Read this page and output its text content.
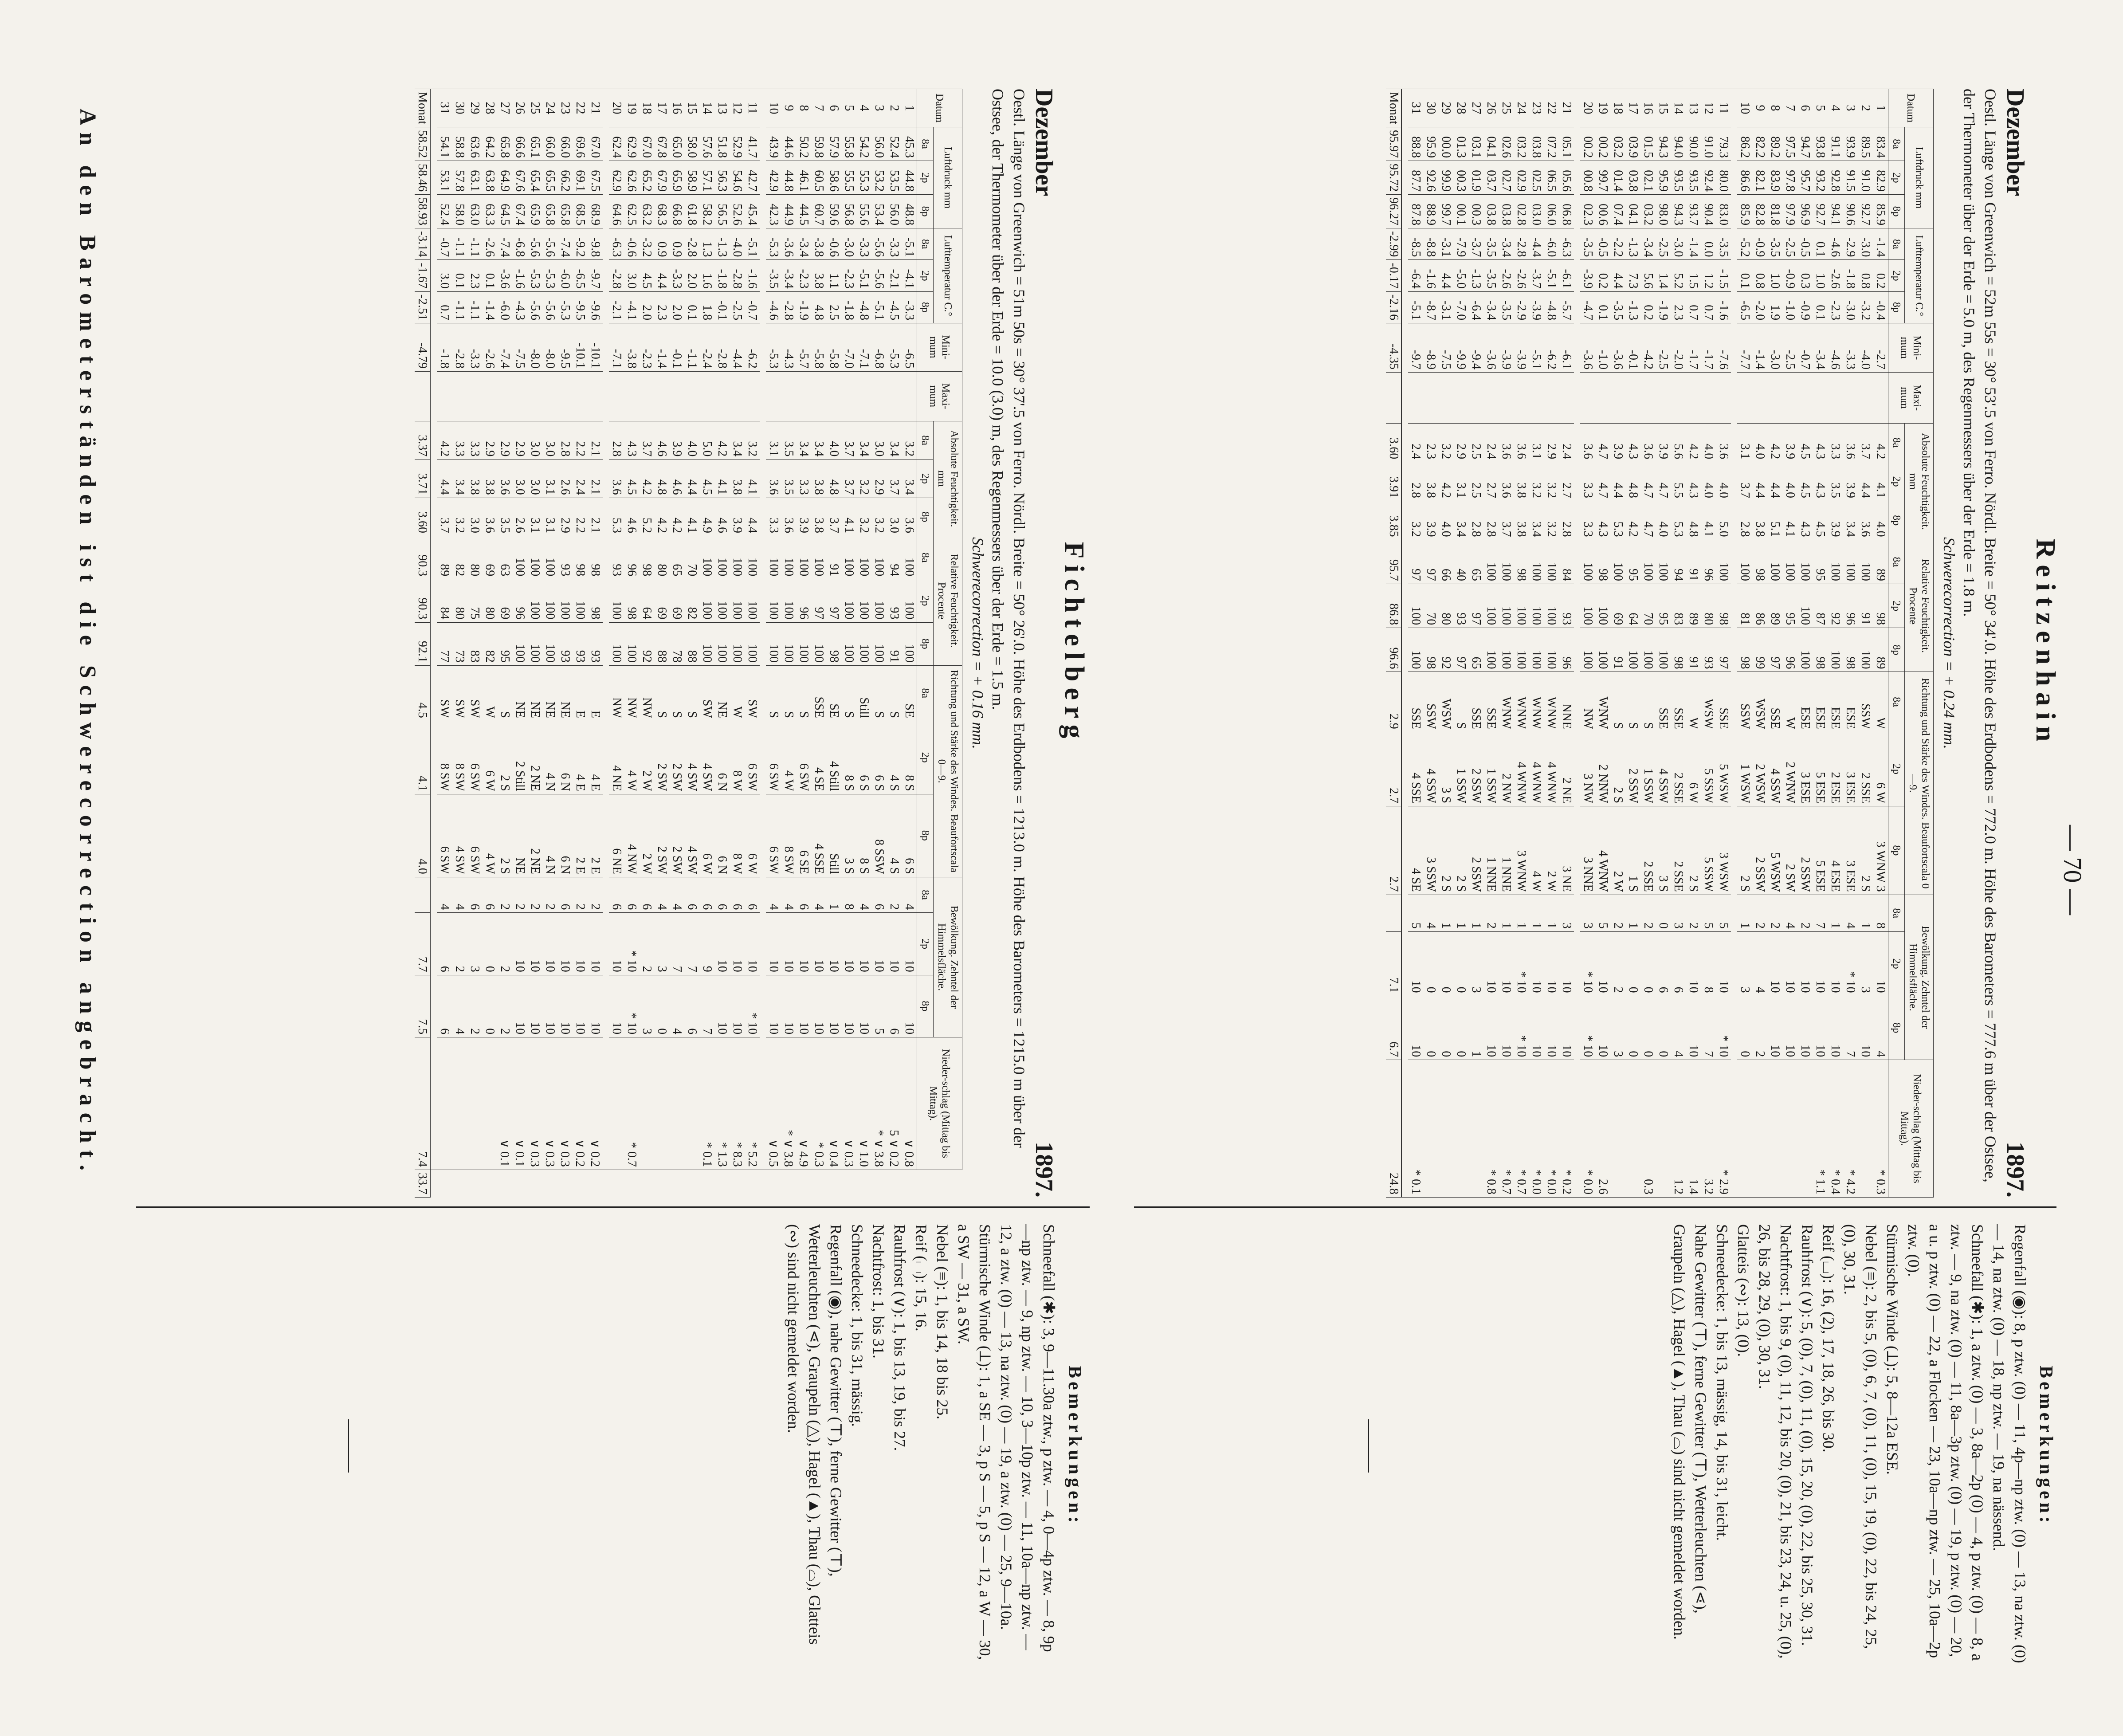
— 70 —
Reitzenhain
Dezember
1897.
Oestl. Länge von Greenwich = 52m 55s = 30° 53'.5 von Ferro. Nördl. Breite = 50° 34'.0. Höhe des Erdbodens = 772.0 m. Höhe des Barometers = 777.6 m über der Ostsee, der Thermometer über der Erde = 5.0 m, des Regenmessers über der Erde = 1.8 m.
Schwerecorrection = + 0.24 mm.
Datum	Luftdruck mm			Lufttemperatur C.°			Mini-mum	Maxi-mum	Absolute Feuchtigkeit. mm			Relative Feuchtigkeit. Procente			Richtung und Stärke des Windes. Beaufortscala 0—9.			Bewölkung. Zehntel der Himmelsfläche.			Nieder-schlag (Mittag bis Mittag).
	8a	2p	8p	8a	2p	8p			8a	2p	8p	8a	2p	8p	8a	2p	8p	8a	2p	8p	
1	83.4	82.9	85.9	-1.4	0.2	-0.4	-2.7		4.2	4.1	4.0	89	98	89	W	6 W	3 WNW 3	8	10	4	* 0.3
2	89.5	91.0	92.7	-3.0	0.8	-3.2	-4.0		3.7	4.4	3.6	100	91	100	SSW	2 SSE	2 S	1	3	10	
3	93.9	91.5	90.6	-2.9	-1.8	-3.0	-3.3		3.6	3.9	3.4	100	96	98	ESE	3 ESE	3 ESE	4	* 10	7	* 4.2
4	91.1	92.8	94.1	-4.6	-2.6	-2.3	-4.6		3.3	3.5	3.9	100	92	100	ESE	2 ESE	4 ESE	1	10	10	* 0.4
5	93.8	93.2	92.7	0.1	1.0	0.1	-3.4		4.3	4.3	4.5	95	87	98	ESE	5 ESE	5 ESE	7	10	10	* 1.1
6	94.7	95.7	96.9	-0.5	0.3	-0.9	-0.7		4.5	4.5	4.3	100	100	100	ESE	3 ESE	2 SSW	2	10	10	
7	97.5	97.8	97.9	-2.5	-0.9	-1.0	-2.5		3.9	4.0	4.1	100	95	96	W	2 WNW	2 SW	4	10	10	
8	89.2	83.9	81.8	-3.5	1.0	1.9	-3.0		4.2	4.4	5.1	100	89	97	SSE	4 SSW	5 WSW	2	10	10	
9	82.2	82.1	82.8	-0.9	0.8	-2.0	-1.4		4.0	4.4	3.8	98	86	99	WSW	2 WSW	2 SSW	2	4	2	
10	86.2	86.6	85.9	-5.2	0.1	-6.5	-7.7		3.1	3.7	2.8	100	81	98	SSW	1 WSW	2 S	1	3	0	

11	79.3	80.0	83.0	-3.5	-1.5	-1.6	-7.6		3.6	4.0	5.0	100	98	97	SSE	5 WSW	3 WSW	5	10	* 10	* 2.9
12	91.0	92.4	90.4	0.0	1.2	0.7	-1.7		4.0	4.0	4.1	96	80	93	WSW	5 SSW	5 SSW	5	8	7	3.2
13	90.0	93.5	93.7	-1.4	1.5	0.7	-1.7		4.2	4.3	4.8	91	89	91	W	6 W	2 S	2	10	10	1.4
14	94.0	93.5	94.3	-3.0	5.2	2.3	-2.0		5.6	5.5	5.3	94	83	98	SSE	2 SSE	2 SSE	3	6	4	1.2
15	94.3	95.9	98.0	-2.5	1.4	-1.9	-2.5		3.9	4.7	4.0	100	95	100	SSE	4 SSW	3 S	0	6	0	
16	01.5	02.1	03.2	-3.4	5.6	0.2	-4.2		3.6	4.7	4.7	100	70	100	S	1 SSW	2 SSE	2	0	0	0.3
17	03.9	03.8	04.1	-1.3	7.3	-1.3	-0.1		4.3	4.8	4.2	95	64	100	S	2 SSW	1 S	1	0	0	
18	03.2	01.4	07.4	-2.2	4.4	-3.5	-3.6		3.9	4.4	5.3	100	69	91	S	2 S	2 W	2	2	3	
19	00.2	99.7	00.6	-0.5	0.2	0.1	-1.0		4.7	4.7	4.3	98	100	100	WNW	2 NNW	4 WNW	5	10	10	2.6
20	00.2	00.8	02.3	-3.5	-3.9	-4.7	-3.6		3.6	3.3	3.3	100	100	100	NW	3 NW	3 NNE	3	* 10	* 10	* 0.0

21	05.1	05.6	06.8	-6.3	-6.1	-5.7	-6.1		2.4	2.7	2.8	84	93	96	NNE	2 NE	3 NE	3	10	10	* 0.2
22	07.2	06.5	06.0	-6.0	-5.1	-4.8	-6.2		2.9	3.2	3.2	100	100	100	WNW	4 WNW	2 W	1	10	10	* 0.0
23	03.8	02.5	03.0	-4.4	-3.7	-3.9	-5.1		3.1	3.2	3.4	100	100	100	WNW	4 WNW	4 W	1	10	10	* 0.0
24	03.2	02.9	02.8	-2.8	-2.6	-2.9	-3.9		3.6	3.8	3.8	98	100	100	WNW	4 WNW	3 WNW	1	* 10	* 10	* 0.7
25	02.6	02.7	03.8	-3.4	-2.6	-3.5	-3.9		3.6	3.6	3.7	100	100	100	WNW	2 NW	1 NNE	1	10	10	* 0.7
26	04.1	03.7	03.8	-3.5	-3.5	-3.4	-3.6		2.4	2.7	2.8	100	100	100	SSE	1 SSW	1 NNE	2	10	10	* 0.8
27	03.1	01.9	00.3	-3.7	-1.3	-6.4	-9.4		2.5	2.5	2.8	65	97	65	SSE	2 SSW	2 SSW	1	3	1	
28	01.3	00.3	00.1	-7.9	-5.0	-7.0	-9.9		2.9	3.1	3.4	40	93	97	S	1 SSW	2 S	1	0	0	
29	00.0	99.9	99.7	-3.1	4.4	-3.1	-7.5		3.2	4.2	4.0	66	80	92	WSW	3 S	2 S	1	0	0	
30	95.9	92.6	88.9	-8.8	-1.6	-8.7	-8.9		2.3	3.8	3.9	97	70	98	SSW	4 SSW	3 SSW	4	0	0	
31	88.8	87.7	87.8	-8.5	-6.4	-5.1	-9.7		2.4	2.8	3.2	97	100	100	SSE	4 SSE	4 SE	5	10	10	* 0.1

Monat	95.97	95.72	96.27	-2.99	-0.17	-2.16	-4.35		3.60	3.91	3.85	95.7	86.8	96.6	2.9	2.7	2.7		7.1	6.7	24.8
Fichtelberg
Dezember
1897.
Oestl. Länge von Greenwich = 51m 50s = 30° 37'.5 von Ferro. Nördl. Breite = 50° 26'.0. Höhe des Erdbodens = 1213.0 m. Höhe des Barometers = 1215.0 m über der Ostsee, der Thermometer über der Erde = 10.0 (3.0) m, des Regenmessers über der Erde = 1.5 m.
Schwerecorrection = + 0.16 mm.
Datum	Luftdruck mm			Lufttemperatur C.°			Mini-mum	Maxi-mum	Absolute Feuchtigkeit. mm			Relative Feuchtigkeit. Procente			Richtung und Stärke des Windes. Beaufortscala 0—9.			Bewölkung. Zehntel der Himmelsfläche.			Nieder-schlag (Mittag bis Mittag).	
	8a	2p	8p	8a	2p	8p			8a	2p	8p	8a	2p	8p	8a	2p	8p	8a	2p	8p		
1	45.3	44.8	48.8	-5.1	-4.1	-3.3	-6.5		3.2	3.4	3.6	100	100	100	SE	8 S	6 S	4	10	10	∨ 0.8	
2	52.4	53.5	56.0	-3.3	-2.1	-4.5	-5.3		3.4	3.7	3.0	94	93	91	S	4 S	4 S	2	10	6	5 ∨ 0.2	
3	56.0	53.2	53.4	-5.6	-5.6	-5.1	-6.8		3.0	2.9	3.2	100	100	100	S	6 S	8 SSW	6	10	5	* ∨ 3.8	
4	54.2	55.3	55.6	-3.3	-5.1	-4.8	-7.1		3.4	3.2	3.2	100	100	100	Still	6 S	8 S	4	10	10	∨ 1.0	
5	55.8	55.5	56.8	-3.0	-2.3	-1.8	-7.0		3.7	3.7	4.1	100	100	100	S	8 S	3 S	8	10	10	∨ 0.3	
6	57.9	58.6	59.6	-0.6	1.1	2.5	-5.8		4.0	4.8	3.7	91	97	98	SE	4 Still	Still	1	10	10	∨ 0.4	
7	59.8	60.5	60.7	-3.8	3.8	4.8	-5.8		3.4	3.8	3.8	100	97	100	SSE	4 SE	4 SSE	4	10	10	* 0.3	
8	50.2	46.1	44.5	-3.4	-2.3	-1.9	-5.7		3.4	3.3	3.9	100	96	100	S	6 SW	6 SE	6	10	10	∨ 4.9	
9	44.6	44.8	44.9	-3.6	-3.4	-2.8	-4.3		3.5	3.5	3.6	100	100	100	S	4 W	8 SW	4	10	10	* ∨ 3.8	
10	43.9	42.9	42.3	-5.3	-3.5	-4.6	-5.3		3.1	3.6	3.3	100	100	100	S	6 SW	6 SW	4	10	10	∨ 0.5	

11	41.7	42.7	45.4	-5.1	-1.6	-0.7	-6.2		3.2	4.1	4.4	100	100	100	SW	6 SW	6 W	6	10	* 10	* 5.2	
12	52.9	54.6	52.6	-4.0	-2.8	-2.5	-4.4		3.4	3.8	3.9	100	100	100	W	8 W	8 W	6	10	10	* 8.3	
13	51.8	56.3	56.5	-1.3	-1.8	-0.1	-2.8		4.2	4.1	4.6	100	100	100	NE	6 N	6 N	6	10	10	* 1.3	
14	57.6	57.1	58.2	1.3	1.6	1.8	-2.4		5.0	4.5	4.9	100	100	100	SW	4 SW	6 W	6	9	7	* 0.1	
15	58.0	58.9	61.8	-2.8	2.0	0.1	-1.1		4.0	4.4	4.1	70	82	88	S	4 SW	4 SW	6	7	6		
16	65.0	65.9	66.8	0.9	-3.3	2.0	-0.1		3.9	4.6	4.2	65	69	78	S	2 SW	2 SW	4	7	4		
17	67.8	67.9	68.3	0.9	4.4	2.3	-1.4		4.6	4.8	4.2	80	69	88	S	2 SW	2 SW	4	3	0		
18	67.0	65.2	63.2	-3.2	4.5	2.0	-2.3		3.7	4.2	5.2	98	64	92	NW	2 W	2 W	6	2	3		
19	62.9	62.6	62.5	-0.6	3.0	-4.1	-3.8		4.3	4.5	4.6	96	98	100	NW	4 W	4 NW	6	* 10	* 10	* 0.7	
20	62.4	62.9	64.6	-6.3	-2.8	-2.1	-7.1		2.8	3.6	5.3	93	100	100	NW	4 NE	6 NE	6	10	10		

21	67.0	67.5	68.9	-9.8	-9.7	-9.6	-10.1		2.1	2.1	2.1	98	98	93	E	4 E	2 E	2	10	10	∨ 0.2	
22	69.6	69.1	68.5	-9.2	-6.5	-9.5	-10.1		2.2	2.4	2.2	98	100	93	E	4 E	2 E	2	10	10	∨ 0.2	
23	66.0	66.2	65.8	-7.4	-6.0	-5.3	-9.5		2.8	2.6	2.9	93	100	93	NE	6 N	6 N	6	10	10	∨ 0.3	
24	66.0	65.5	65.8	-5.6	-5.3	-5.6	-8.0		3.0	3.1	3.1	100	100	100	NE	4 N	4 N	2	10	10	∨ 0.3	
25	65.1	65.4	65.9	-5.6	-5.3	-5.6	-8.0		3.0	3.0	3.1	100	100	100	NE	2 NE	2 NE	2	10	10	∨ 0.3	
26	66.6	67.6	67.4	-6.8	-1.6	-4.3	-7.5		2.9	3.0	2.6	100	96	100	NE	2 Still	NE	2	10	10	∨ 0.1	
27	65.8	64.9	64.5	-7.4	-3.6	-6.0	-7.4		2.9	3.6	3.5	63	69	95	S	2 S	2 S	2	2	2	∨ 0.1	
28	64.2	63.8	63.3	-2.6	0.1	-1.4	-2.6		2.9	3.8	3.6	69	80	82	W	6 W	4 W	6	0	0		
29	63.6	63.1	63.0	-1.1	2.3	-1.1	-3.3		3.3	3.8	3.0	80	75	83	SW	6 SW	6 SW	6	3	2		
30	58.8	57.8	58.0	-1.1	0.1	-1.1	-2.8		3.3	3.4	3.2	82	80	73	SW	8 SW	4 SW	4	2	4		
31	54.1	53.1	52.4	-0.7	3.0	0.7	-1.8		4.2	4.4	3.7	89	84	77	SW	8 SW	6 SW	4	6	6		

Monat	58.52	58.46	58.93	-3.14	-1.67	-2.51	-4.79		3.37	3.71	3.60	90.3	90.3	92.1	4.5	4.1	4.0		7.7	7.5	7.4	33.7
Bemerkungen:

Regenfall (◉): 8, p ztw. (0) — 11, 4p—np ztw. (0) — 13, na ztw. (0) — 14, na ztw. (0) — 18, np ztw. — 19, na nässend.

Schneefall (✱): 1, a ztw. (0) — 3, 8a—2p (0) — 4, p ztw. (0) — 8, a ztw. — 9, na ztw. (0) — 11, 8a—3p ztw. (0) — 19, p ztw. (0) — 20, a u. p ztw. (0) — 22, a Flocken — 23, 10a—np ztw. — 25, 10a—2p ztw. (0).

Stürmische Winde (⟂): 5, 8—12a ESE.

Nebel (≡): 2, bis 5, (0), 6, 7, (0), 11, (0), 15, 19, (0), 22, bis 24, 25, (0), 30, 31.

Reif (⌴): 16, (2), 17, 18, 26, bis 30.

Rauhfrost (∨): 5, (0), 7, (0), 11, (0), 15, 20, (0), 22, bis 25, 30, 31.

Nachtfrost: 1, bis 9, (0), 11, 12, bis 20, (0), 21, bis 23, 24, u. 25, (0), 26, bis 28, 29, (0), 30, 31.

Glatteis (∾): 13, (0).

Schneedecke: 1, bis 13, mässig, 14, bis 31, leicht.

Nahe Gewitter (⊤), ferne Gewitter (⊤), Wetterleuchten (⋖), Graupeln (△), Hagel (▲), Thau (⌓) sind nicht gemeldet worden.

Bemerkungen:

Schneefall (✱): 3, 9—11.30a ztw., p ztw. — 4, 0—4p ztw. — 8, 9p—np ztw. — 9, np ztw. — 10, 3—10p ztw. — 11, 10a—np ztw. — 12, a ztw. (0) — 13, na ztw. (0) — 19, a ztw. (0) — 25, 9—10a.

Stürmische Winde (⟂): 1, a SE — 3, p S — 5, p S — 12, a W — 30, a SW — 31, a SW.

Nebel (≡): 1, bis 14, 18 bis 25.

Reif (⌴): 15, 16.

Rauhfrost (∨): 1, bis 13, 19, bis 27.

Nachtfrost: 1, bis 31.

Schneedecke: 1, bis 31, mässig.

Regenfall (◉), nahe Gewitter (⊤), ferne Gewitter (⊤), Wetterleuchten (⋖), Graupeln (△), Hagel (▲), Thau (⌓), Glatteis (∾) sind nicht gemeldet worden.

An den Barometerständen ist die Schwerecorrection angebracht.
